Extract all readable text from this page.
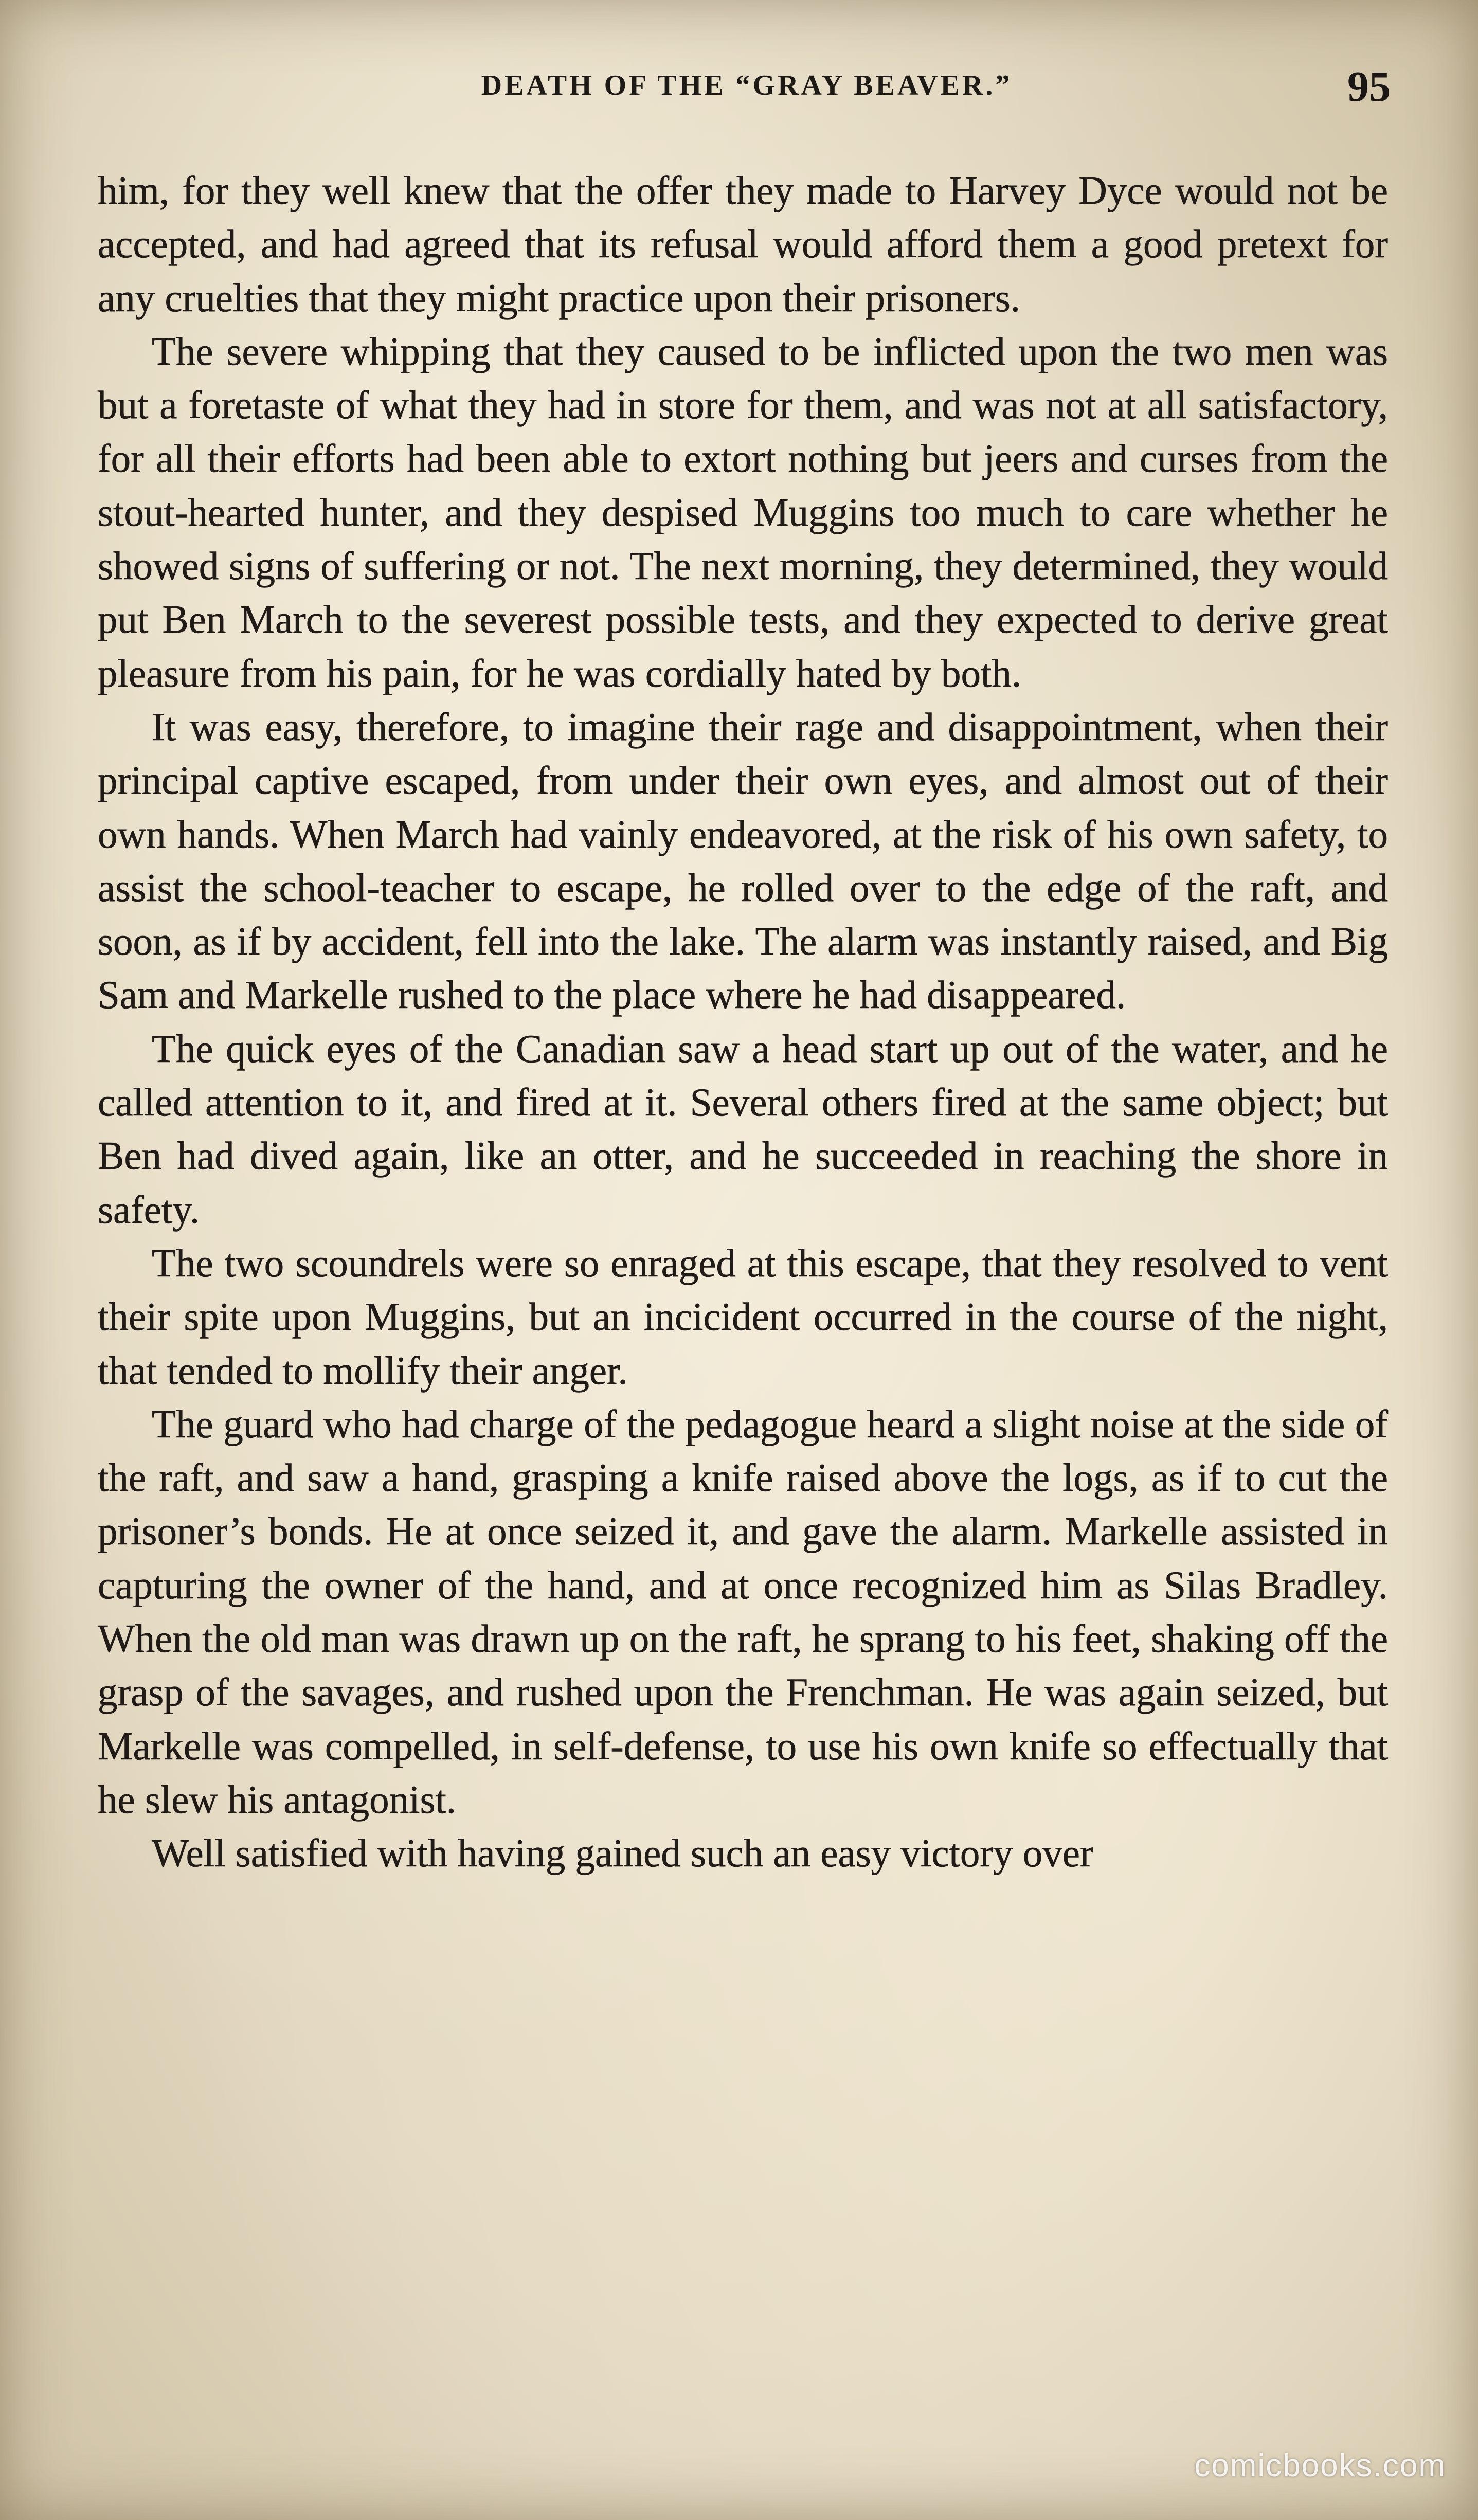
DEATH OF THE “GRAY BEAVER.”	95

him, for they well knew that the offer they made to Harvey Dyce would not be accepted, and had agreed that its refusal would afford them a good pretext for any cruelties that they might practice upon their prisoners.

The severe whipping that they caused to be inflicted upon the two men was but a foretaste of what they had in store for them, and was not at all satisfactory, for all their efforts had been able to extort nothing but jeers and curses from the stout-hearted hunter, and they despised Muggins too much to care whether he showed signs of suffering or not. The next morning, they determined, they would put Ben March to the severest possible tests, and they expected to derive great pleasure from his pain, for he was cordially hated by both.

It was easy, therefore, to imagine their rage and disappointment, when their principal captive escaped, from under their own eyes, and almost out of their own hands. When March had vainly endeavored, at the risk of his own safety, to assist the school-teacher to escape, he rolled over to the edge of the raft, and soon, as if by accident, fell into the lake. The alarm was instantly raised, and Big Sam and Markelle rushed to the place where he had disappeared.

The quick eyes of the Canadian saw a head start up out of the water, and he called attention to it, and fired at it. Several others fired at the same object; but Ben had dived again, like an otter, and he succeeded in reaching the shore in safety.

The two scoundrels were so enraged at this escape, that they resolved to vent their spite upon Muggins, but an incicident occurred in the course of the night, that tended to mollify their anger.

The guard who had charge of the pedagogue heard a slight noise at the side of the raft, and saw a hand, grasping a knife raised above the logs, as if to cut the prisoner’s bonds. He at once seized it, and gave the alarm. Markelle assisted in capturing the owner of the hand, and at once recognized him as Silas Bradley. When the old man was drawn up on the raft, he sprang to his feet, shaking off the grasp of the savages, and rushed upon the Frenchman. He was again seized, but Markelle was compelled, in self-defense, to use his own knife so effectually that he slew his antagonist.

Well satisfied with having gained such an easy victory over

comicbooks.com
